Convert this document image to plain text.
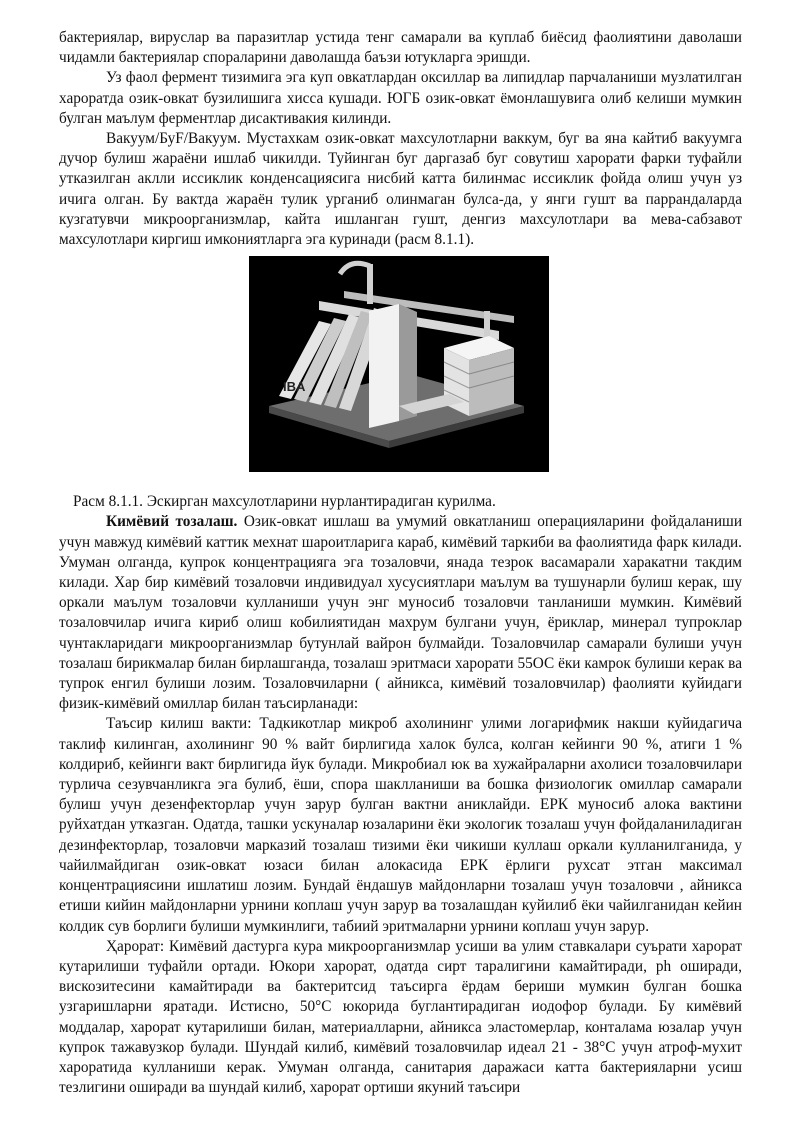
бактериялар, вируслар ва паразитлар устида тенг самарали ва куплаб биёсид фаолиятини даволаши чидамли бактериялар спораларини даволашда баъзи ютукларга эришди.

Уз фаол фермент тизимига эга куп овкатлардан оксиллар ва липидлар парчаланиши музлатилган хароратда озик-овкат бузилишига хисса кушади. ЮГБ озик-овкат ёмонлашувига олиб келиши мумкин булган маълум ферментлар дисактивакия килинди.

Вакуум/БуF/Вакуум. Мустахкам озик-овкат махсулотларни ваккум, буг ва яна кайтиб вакуумга дучор булиш жараёни ишлаб чикилди. Туйинган буг даргазаб буг совутиш харорати фарки туфайли утказилган аклли иссиклик конденсациясига нисбий катта билинмас иссиклик фойда олиш учун уз ичига олган. Бу вактда жараён тулик урганиб олинмаган булса-да, у янги гушт ва паррандаларда кузгатувчи микроорганизмлар, кайта ишланган гушт, денгиз махсулотлари ва мева-сабзавот махсулотлари киргиш имкониятларга эга куринади (расм 8.1.1).

IBA

Расм 8.1.1. Эскирган махсулотларини нурлантирадиган курилма.

Кимёвий тозалаш. Озик-овкат ишлаш ва умумий овкатланиш операцияларини фойдаланиши учун мавжуд кимёвий каттик мехнат шароитларига караб, кимёвий таркиби ва фаолиятида фарк килади. Умуман олганда, купрок концентрацияга эга тозаловчи, янада тезрок васамарали харакатни такдим килади. Хар бир кимёвий тозаловчи индивидуал хусусиятлари маълум ва тушунарли булиш керак, шу оркали маълум тозаловчи кулланиши учун энг муносиб тозаловчи танланиши мумкин. Кимёвий тозаловчилар ичига кириб олиш кобилиятидан махрум булгани учун, ёриклар, минерал тупроклар чунтакларидаги микроорганизмлар бутунлай вайрон булмайди. Тозаловчилар самарали булиши учун тозалаш бирикмалар билан бирлашганда, тозалаш эритмаси харорати 55ОС ёки камрок булиши керак ва тупрок енгил булиши лозим. Тозаловчиларни ( айникса, кимёвий тозаловчилар) фаолияти куйидаги физик-кимёвий омиллар билан таъсирланади:

Таъсир килиш вакти: Тадкикотлар микроб ахолининг улими логарифмик накши куйидагича таклиф килинган, ахолининг 90 % вайт бирлигида халок булса, колган кейинги 90 %, атиги 1 % колдириб, кейинги вакт бирлигида йук булади. Микробиал юк ва хужайраларни ахолиси тозаловчилари турлича сезувчанликга эга булиб, ёши, спора шаклланиши ва бошка физиологик омиллар самарали булиш учун дезенфекторлар учун зарур булган вактни аниклайди. ЕРК муносиб алока вактини руйхатдан утказган. Одатда, ташки ускуналар юзаларини ёки экологик тозалаш учун фойдаланиладиган дезинфекторлар, тозаловчи марказий тозалаш тизими ёки чикиши куллаш оркали кулланилганида, у чайилмайдиган озик-овкат юзаси билан алокасида ЕРК ёрлиги рухсат этган максимал концентрациясини ишлатиш лозим. Бундай ёндашув майдонларни тозалаш учун тозаловчи , айникса етиши кийин майдонларни урнини коплаш учун зарур ва тозалашдан куйилиб ёки чайилганидан кейин колдик сув борлиги булиши мумкинлиги, табиий эритмаларни урнини коплаш учун зарур.

Ҳарорат: Кимёвий дастурга кура микроорганизмлар усиши ва улим ставкалари суърати харорат кутарилиши туфайли ортади. Юкори харорат, одатда сирт таралигини камайтиради, ph оширади, вискозитесини камайтиради ва бактеритсид таъсирга ёрдам бериши мумкин булган бошка узгаришларни яратади. Истисно, 50°С юкорида буглантирадиган иодофор булади. Бу кимёвий моддалар, харорат кутарилиши билан, материалларни, айникса эластомерлар, конталама юзалар учун купрок тажавузкор булади. Шундай килиб, кимёвий тозаловчилар идеал 21 - 38°С учун атроф-мухит хароратида кулланиши керак. Умуман олганда, санитария даражаси катта бактерияларни усиш тезлигини оширади ва шундай килиб, харорат ортиши якуний таъсири
